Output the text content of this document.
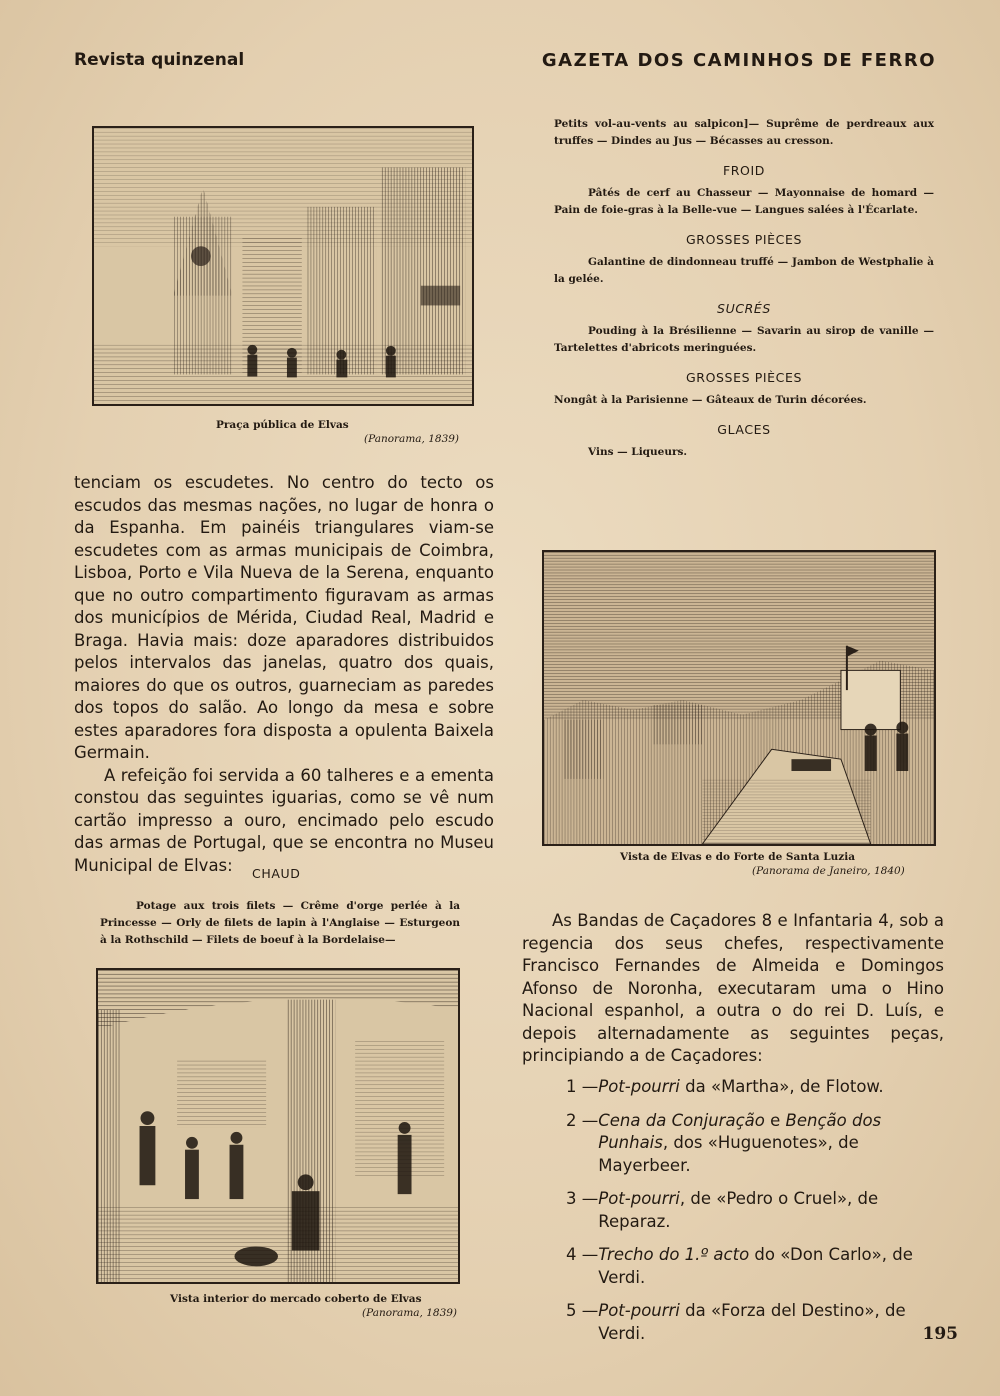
Revista quinzenal	GAZETA DOS CAMINHOS DE FERRO
Praça pública de Elvas
(Panorama, 1839)

tenciam os escudetes. No centro do tecto os escudos das mesmas nações, no lugar de honra o da Espanha. Em painéis triangulares viam-se escudetes com as armas municipais de Coimbra, Lisboa, Porto e Vila Nueva de la Serena, enquanto que no outro compartimento figuravam as armas dos municípios de Mérida, Ciudad Real, Madrid e Braga. Havia mais: doze aparadores distribuidos pelos intervalos das janelas, quatro dos quais, maiores do que os outros, guarneciam as paredes dos topos do salão. Ao longo da mesa e sobre estes aparadores fora disposta a opulenta Baixela Germain.

A refeição foi servida a 60 talheres e a ementa constou das seguintes iguarias, como se vê num cartão impresso a ouro, encimado pelo escudo das armas de Portugal, que se encontra no Museu Municipal de Elvas:	CHAUD
Potage aux trois filets — Crême d'orge perlée à la Princesse — Orly de filets de lapin à l'Anglaise — Esturgeon à la Rothschild — Filets de boeuf à la Bordelaise—
Vista interior do mercado coberto de Elvas
(Panorama, 1839)

Petits vol-au-vents au salpicon]— Suprême de perdreaux aux truffes — Dindes au Jus — Bécasses au cresson.

FROID

Pâtés de cerf au Chasseur — Mayonnaise de homard — Pain de foie-gras à la Belle-vue — Langues salées à l'Écarlate.

GROSSES PIÈCES

Galantine de dindonneau truffé — Jambon de Westphalie à la gelée.

SUCRÉS

Pouding à la Brésilienne — Savarin au sirop de vanille — Tartelettes d'abricots meringuées.

GROSSES PIÈCES

Nongât à la Parisienne — Gâteaux de Turin décorées.

GLACES

Vins — Liqueurs.

Vista de Elvas e do Forte de Santa Luzia
(Panorama de Janeiro, 1840)
As Bandas de Caçadores 8 e Infantaria 4, sob a regencia dos seus chefes, respectivamente Francisco Fernandes de Almeida e Domingos Afonso de Noronha, executaram uma o Hino Nacional espanhol, a outra o do rei D. Luís, e depois alternadamente as seguintes peças, principiando a de Caçadores:
1 — Pot-pourri da «Martha», de Flotow.
2 — Cena da Conjuração e Benção dos Punhais, dos «Huguenotes», de Mayerbeer.
3 — Pot-pourri, de «Pedro o Cruel», de Reparaz.
4 — Trecho do 1.º acto do «Don Carlo», de Verdi.
5 — Pot-pourri da «Forza del Destino», de Verdi.	195
